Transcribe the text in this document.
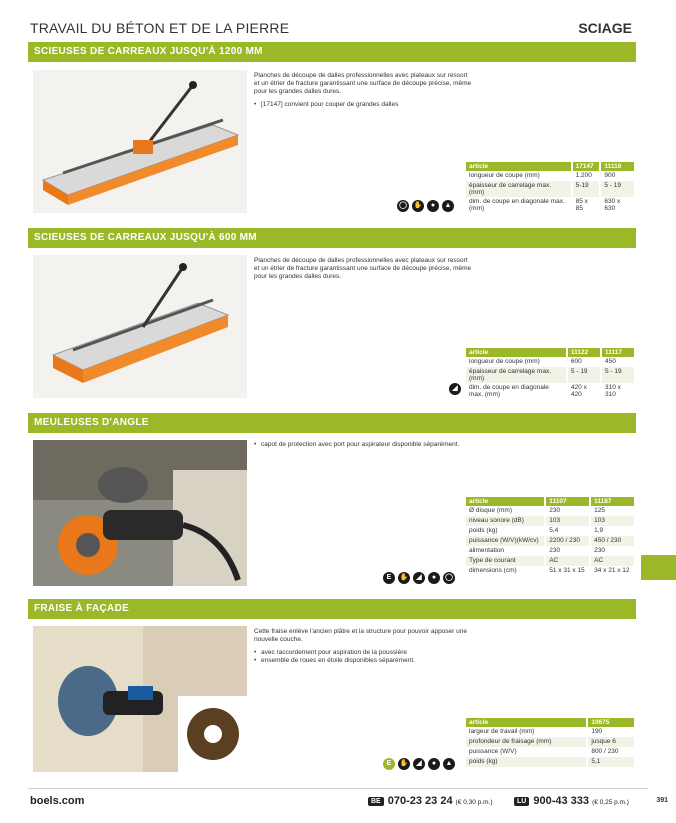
TRAVAIL DU BÉTON ET DE LA PIERRE	SCIAGE
SCIEUSES DE CARREAUX JUSQU'À 1200 MM

Planches de découpe de dalles professionnelles avec plateaux sur ressort et un étrier de fracture garantissant une surface de découpe précise, même pour les grandes dalles dures.

• [17147] convient pour couper de grandes dalles
article	17147	11116
longueur de coupe (mm)	1.200	900
épaisseur de carrelage max. (mm)	5-19	5 - 19
dim. de coupe en diagonale max. (mm)	85 x 85	630 x 630
◯ ✋	●	▲
SCIEUSES DE CARREAUX JUSQU'À 600 MM

Planches de découpe de dalles professionnelles avec plateaux sur ressort et un étrier de fracture garantissant une surface de découpe précise, même pour les grandes dalles dures.

article	11122	11117
longueur de coupe (mm)	600	450
épaisseur de carrelage max. (mm)	5 - 19	5 - 19
dim. de coupe en diagonale max. (mm)	420 x 420	310 x 310
◢
MEULEUSES D'ANGLE
• capot de protection avec port pour aspirateur disponible séparément.
article	11107	11187
Ø disque (mm)	230	125
niveau sonore (dB)	103	103
poids (kg)	5,4	1,9
puissance (W/V)(kW/cv)	2200 / 230	450 / 230
alimentation	230	230
Type de courant	AC	AC
dimensions (cm)	51 x 31 x 15	34 x 21 x 12
E	✋	◢	●	◯
FRAISE À FAÇADE

Cette fraise enlève l'ancien plâtre et la structure pour pouvoir apposer une nouvelle couche.

• avec raccordement pour aspiration de la poussière
• ensemble de roues en étoile disponibles séparément.
article	10675
largeur de travail (mm)	190
profondeur de fraisage (mm)	jusque 6
puissance (W/V)	800 / 230
poids (kg)	5,1
E	✋	◢	●	▲
boels.com	BE 070-23 23 24 (€ 0,30 p.m.)	LU 900-43 333 (€ 0,25 p.m.)	391
